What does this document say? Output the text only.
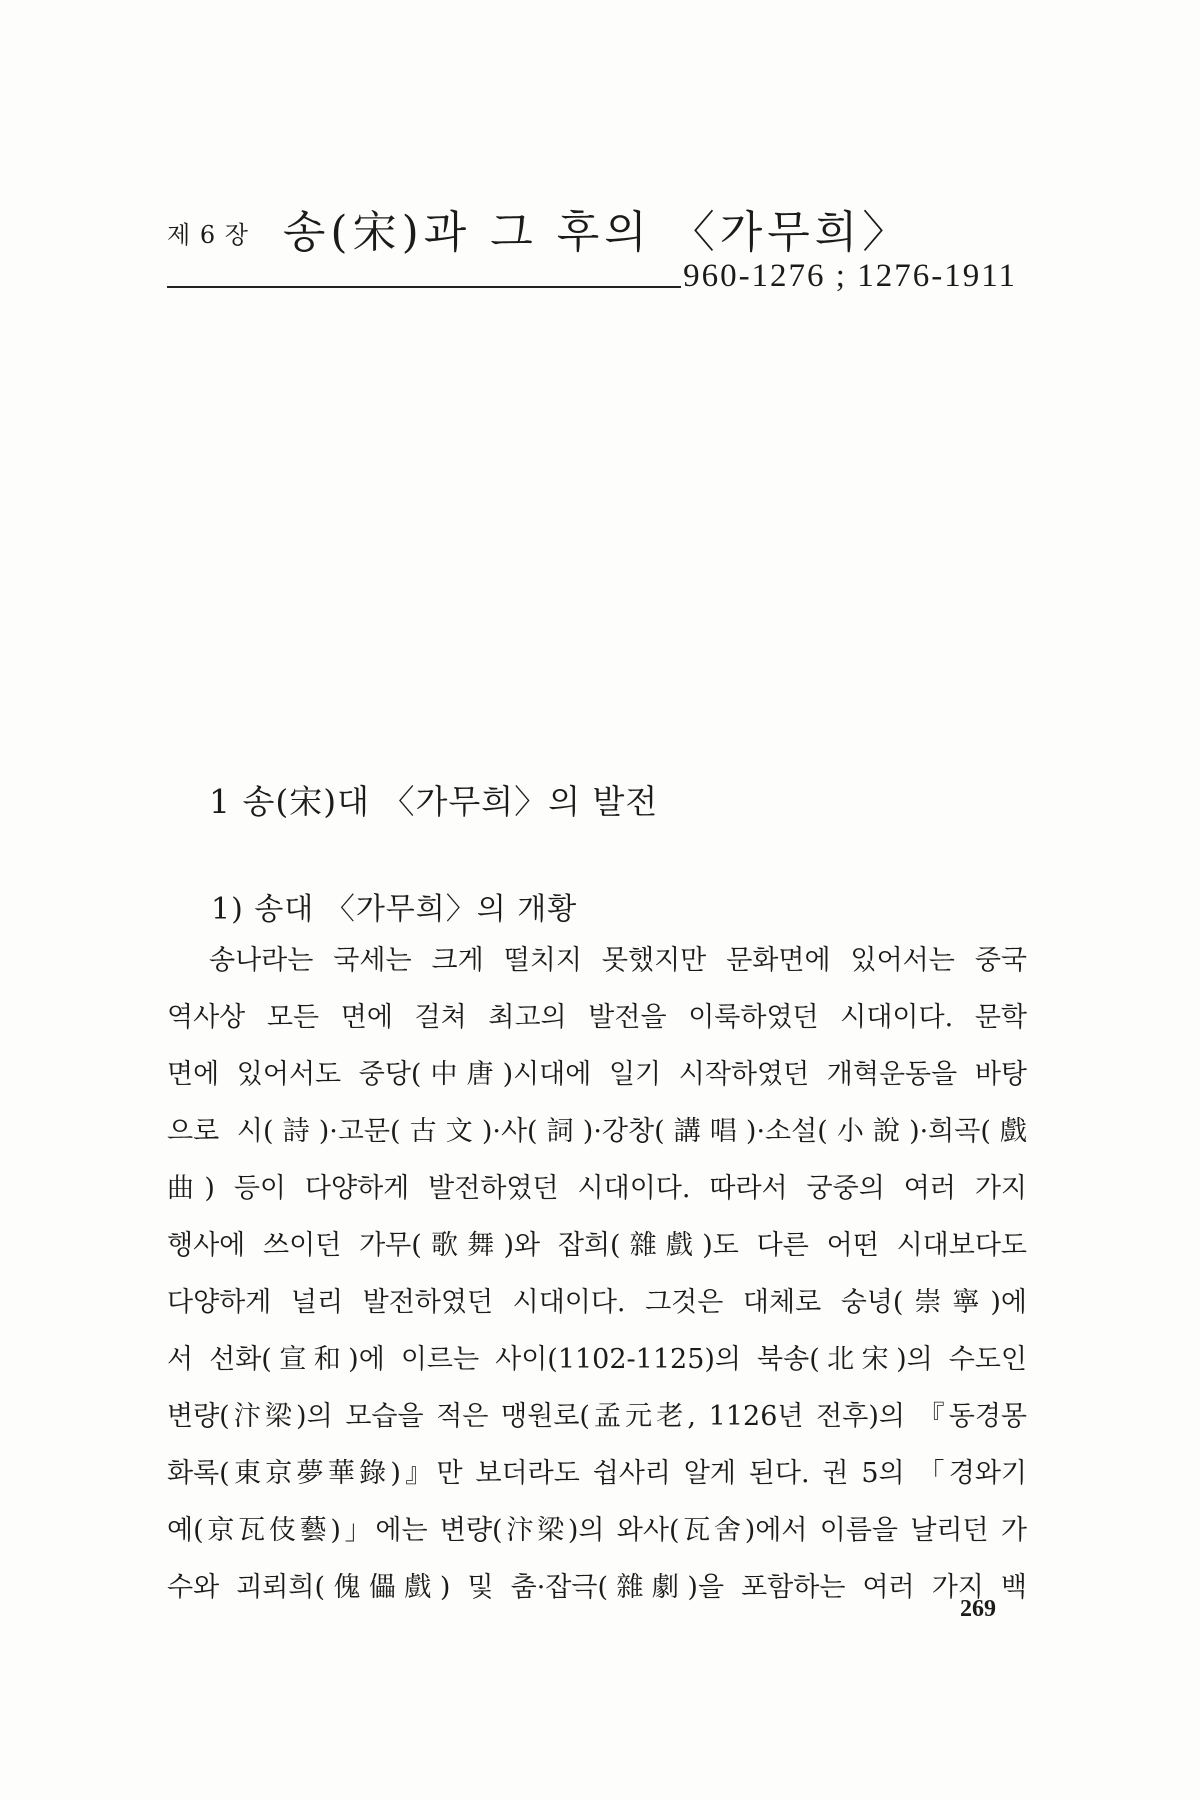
제 6 장 송(宋)과 그 후의 〈가무희〉
960-1276 ; 1276-1911
1 송(宋)대 〈가무희〉의 발전
1) 송대 〈가무희〉의 개황
송나라는 국세는 크게 떨치지 못했지만 문화면에 있어서는 중국
역사상 모든 면에 걸쳐 최고의 발전을 이룩하였던 시대이다. 문학
면에 있어서도 중당(中唐)시대에 일기 시작하였던 개혁운동을 바탕
으로 시(詩)·고문(古文)·사(詞)·강창(講唱)·소설(小說)·희곡(戲
曲) 등이 다양하게 발전하였던 시대이다. 따라서 궁중의 여러 가지
행사에 쓰이던 가무(歌舞)와 잡희(雜戲)도 다른 어떤 시대보다도
다양하게 널리 발전하였던 시대이다. 그것은 대체로 숭녕(崇寧)에
서 선화(宣和)에 이르는 사이(1102-1125)의 북송(北宋)의 수도인
변량(汴梁)의 모습을 적은 맹원로(孟元老, 1126년 전후)의 『동경몽
화록(東京夢華錄)』만 보더라도 쉽사리 알게 된다. 권 5의 「경와기
예(京瓦伎藝)」에는 변량(汴梁)의 와사(瓦舍)에서 이름을 날리던 가
수와 괴뢰희(傀儡戲) 및 춤·잡극(雜劇)을 포함하는 여러 가지 백
269
